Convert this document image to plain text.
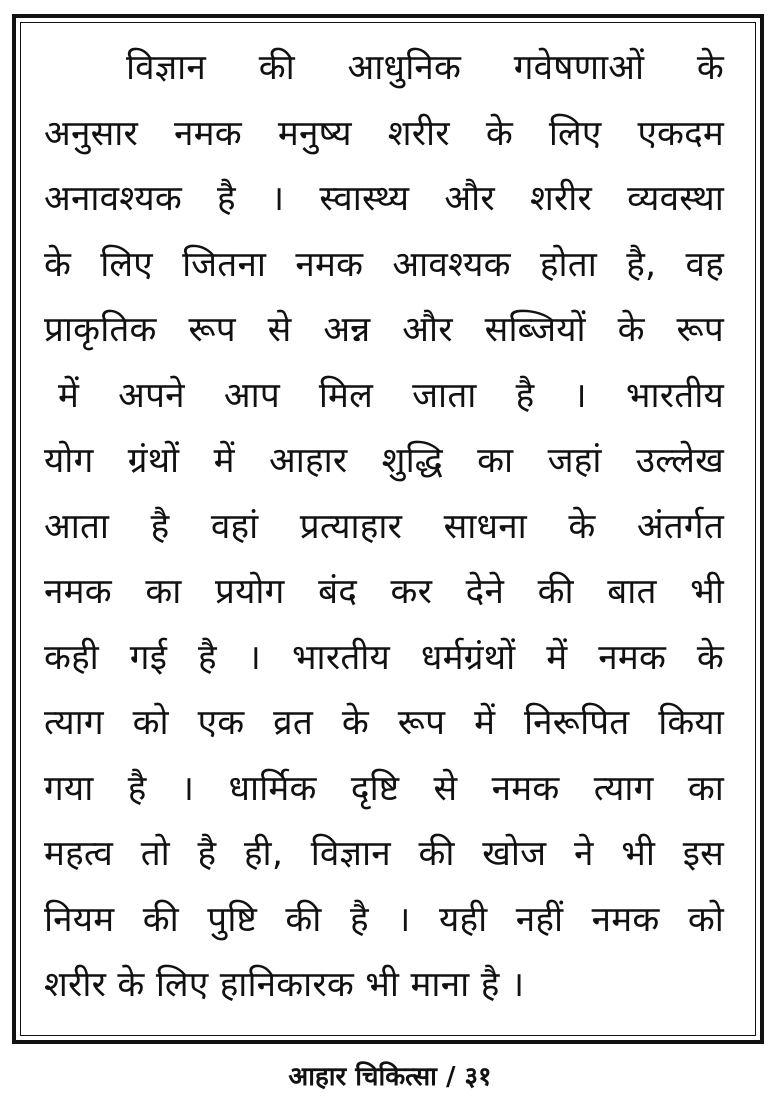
विज्ञान की आधुनिक गवेषणाओं के
अनुसार नमक मनुष्य शरीर के लिए एकदम
अनावश्यक है । स्वास्थ्य और शरीर व्यवस्था
के लिए जितना नमक आवश्यक होता है, वह
प्राकृतिक रूप से अन्न और सब्जियों के रूप
में अपने आप मिल जाता है । भारतीय
योग ग्रंथों में आहार शुद्धि का जहां उल्लेख
आता है वहां प्रत्याहार साधना के अंतर्गत
नमक का प्रयोग बंद कर देने की बात भी
कही गई है । भारतीय धर्मग्रंथों में नमक के
त्याग को एक व्रत के रूप में निरूपित किया
गया है । धार्मिक दृष्टि से नमक त्याग का
महत्व तो है ही, विज्ञान की खोज ने भी इस
नियम की पुष्टि की है । यही नहीं नमक को
शरीर के लिए हानिकारक भी माना है ।
आहार चिकित्सा / ३१
